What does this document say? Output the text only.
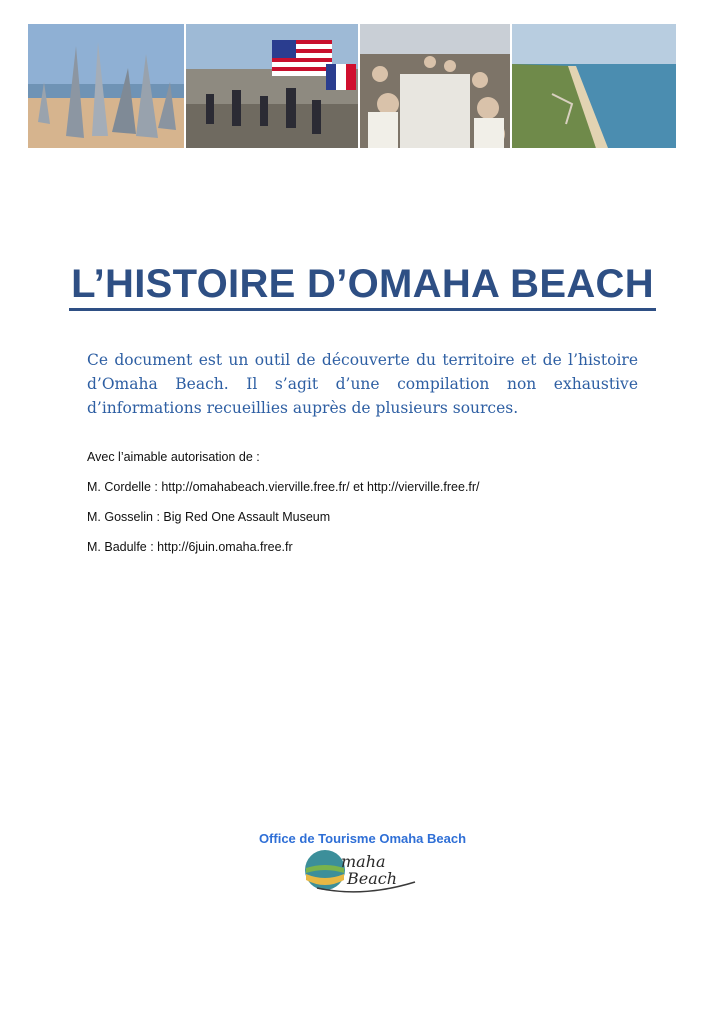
L’HISTOIRE D’OMAHA BEACH
Ce document est un outil de découverte du territoire et de l’histoire d’Omaha Beach. Il s’agit d’une compilation non exhaustive d’informations recueillies auprès de plusieurs sources.

Avec l’aimable autorisation de :

M. Cordelle : http://omahabeach.vierville.free.fr/ et http://vierville.free.fr/

M. Gosselin : Big Red One Assault Museum

M. Badulfe : http://6juin.omaha.free.fr

Office de Tourisme Omaha Beach
maha
Beach
